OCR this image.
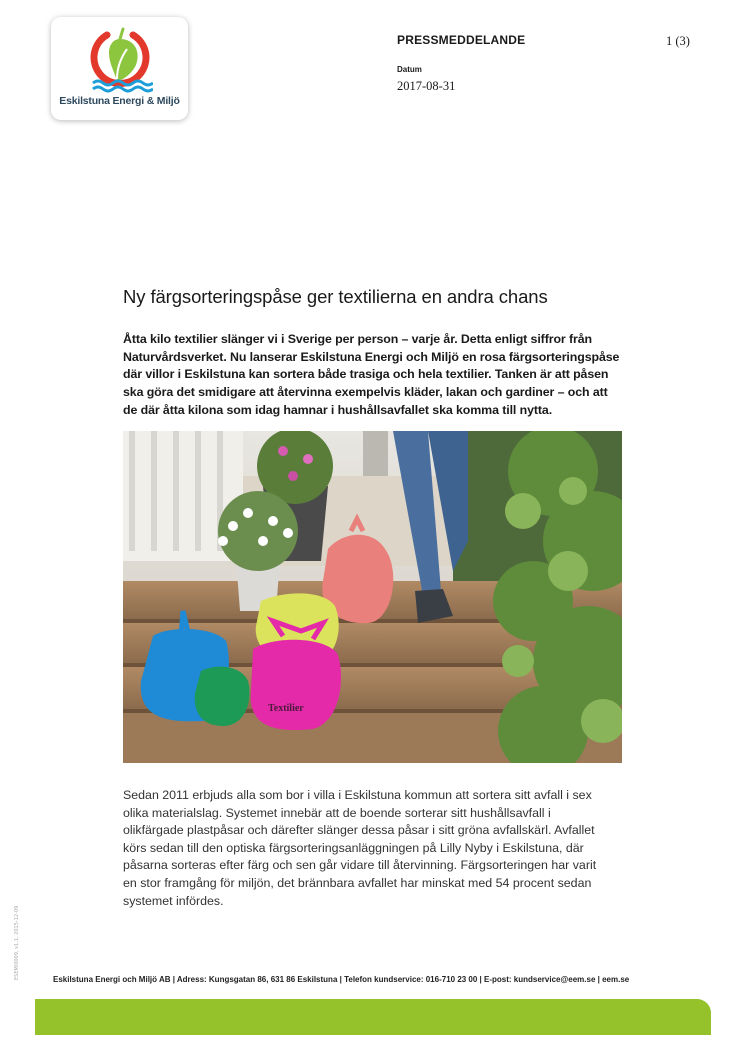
Eskilstuna Energi & Miljö
PRESSMEDDELANDE	1 (3)
Datum
2017-08-31
Ny färgsorteringspåse ger textilierna en andra chans

Åtta kilo textilier slänger vi i Sverige per person – varje år. Detta enligt siffror från Naturvårdsverket. Nu lanserar Eskilstuna Energi och Miljö en rosa färgsorteringspåse där villor i Eskilstuna kan sortera både trasiga och hela textilier. Tanken är att påsen ska göra det smidigare att återvinna exempelvis kläder, lakan och gardiner – och att de där åtta kilona som idag hamnar i hushållsavfallet ska komma till nytta.

Textilier

Sedan 2011 erbjuds alla som bor i villa i Eskilstuna kommun att sortera sitt avfall i sex olika materialslag. Systemet innebär att de boende sorterar sitt hushållsavfall i olikfärgade plastpåsar och därefter slänger dessa påsar i sitt gröna avfallskärl. Avfallet körs sedan till den optiska färgsorteringsanläggningen på Lilly Nyby i Eskilstuna, där påsarna sorteras efter färg och sen går vidare till återvinning. Färgsorteringen har varit en stor framgång för miljön, det brännbara avfallet har minskat med 54 procent sedan systemet infördes.

ESEMi0009, v1.1, 2015-12-09	Eskilstuna Energi och Miljö AB | Adress: Kungsgatan 86, 631 86 Eskilstuna | Telefon kundservice: 016-710 23 00 | E-post: kundservice@eem.se | eem.se
